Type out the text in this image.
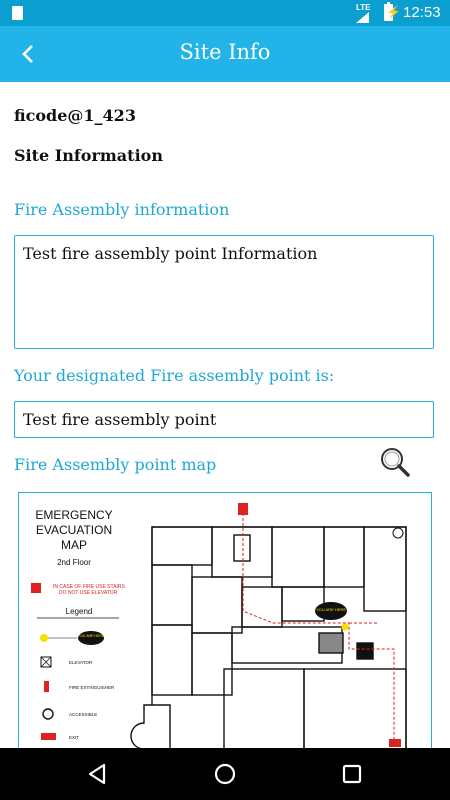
LTE ⚡ 12:53
Site Info
ficode@1_423
Site Information
Fire Assembly information
Test fire assembly point Information
Your designated Fire assembly point is:
Test fire assembly point
Fire Assembly point map
EMERGENCY
EVACUATION
MAP
2nd Floor
IN CASE OF FIRE USE STAIRS
DO NOT USE ELEVATOR
Legend
YOU ARE HERE
ELEVATOR
FIRE EXTINGUISHER
ACCESSIBLE
EXIT
YOU ARE HERE
